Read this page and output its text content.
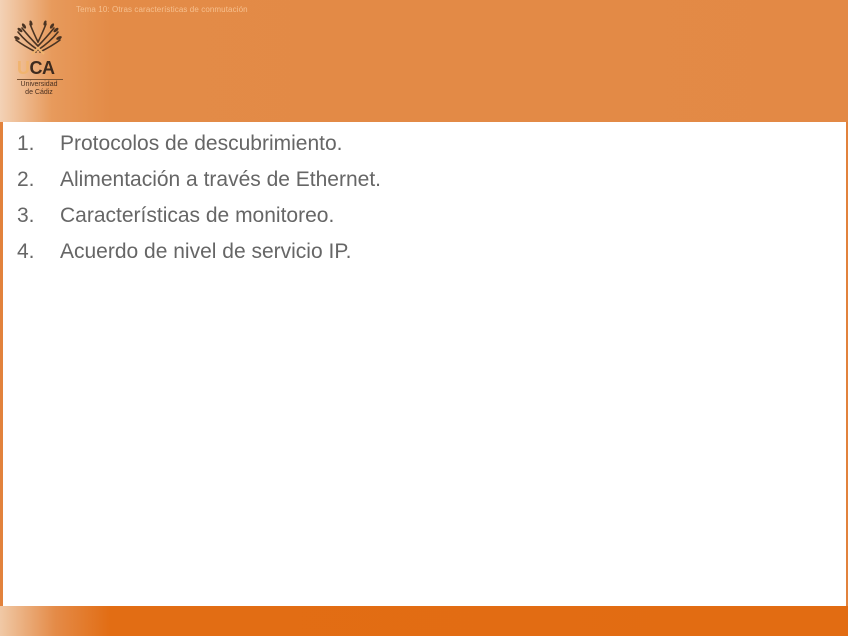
Tema 10: Otras características de conmutación
UCA
Universidad
de Cádiz
1.	Protocolos de descubrimiento.
2.	Alimentación a través de Ethernet.
3.	Características de monitoreo.
4.	Acuerdo de nivel de servicio IP.
